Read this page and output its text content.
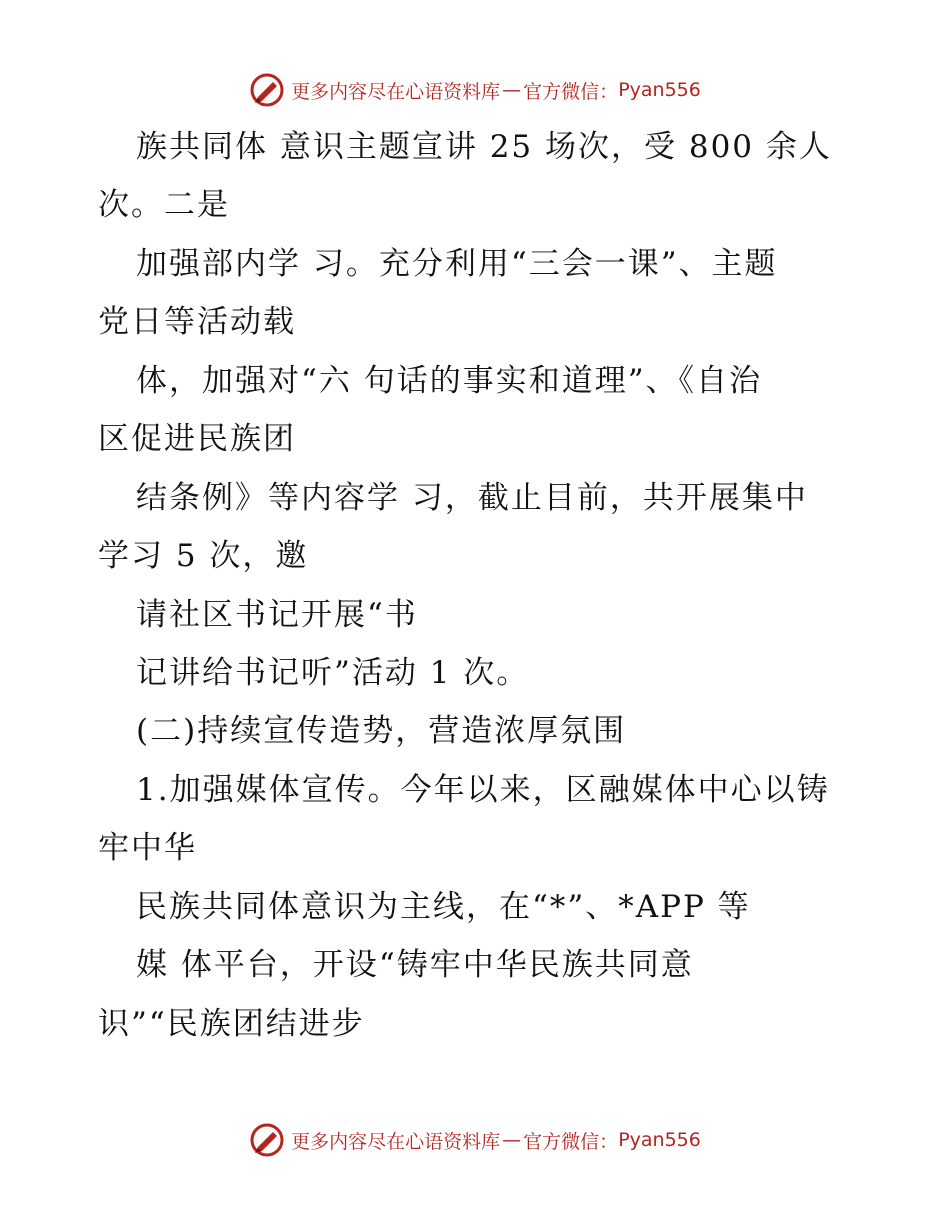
更多内容尽在心语资料库 — 官方微信： Pyan556
族共同体 意识主题宣讲 25 场次，受 800 余人
次。二是
加强部内学 习。充分利用“三会一课”、主题
党日等活动载
体，加强对“六 句话的事实和道理”、《自治
区促进民族团
结条例》等内容学 习，截止目前，共开展集中
学习 5 次，邀
请社区书记开展“书
记讲给书记听”活动 1 次。
(二)持续宣传造势，营造浓厚氛围
1.加强媒体宣传。今年以来，区融媒体中心以铸
牢中华
民族共同体意识为主线，在“*”、*APP 等
媒 体平台，开设“铸牢中华民族共同意
识”“民族团结进步
更多内容尽在心语资料库 — 官方微信： Pyan556
